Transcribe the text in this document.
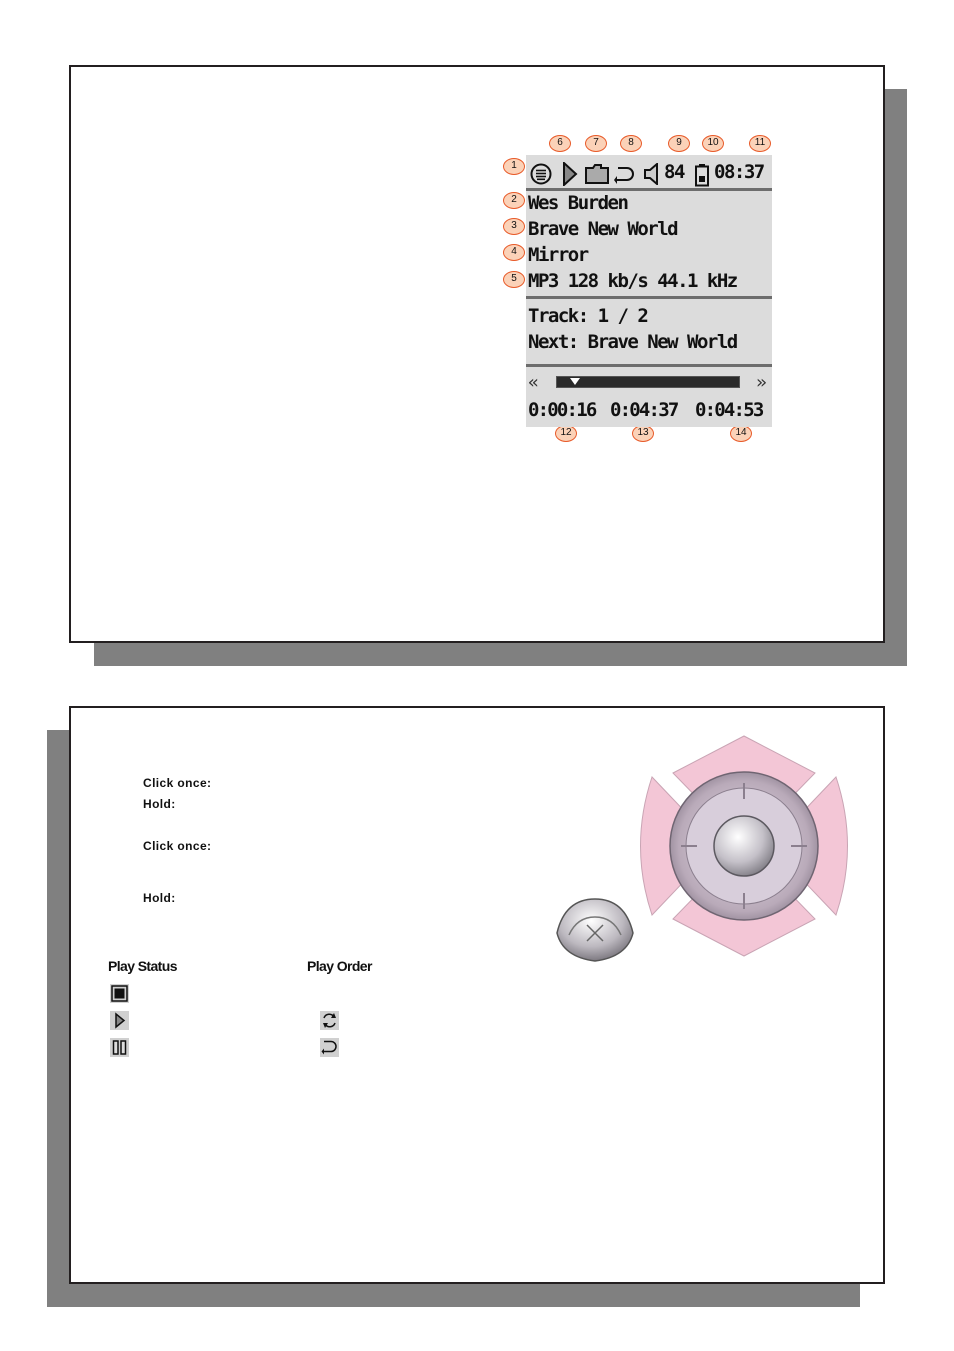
6	7	8	9	10	11
1
2
3
4
5
12	13	14
84 08:37
Wes Burden
Brave New World
Mirror
MP3 128 kb/s 44.1 kHz
Track: 1 / 2
Next: Brave New World
«	»
0:00:16 0:04:37 0:04:53
Click once:
Hold:
Click once:
Hold:
Play Status	Play Order
